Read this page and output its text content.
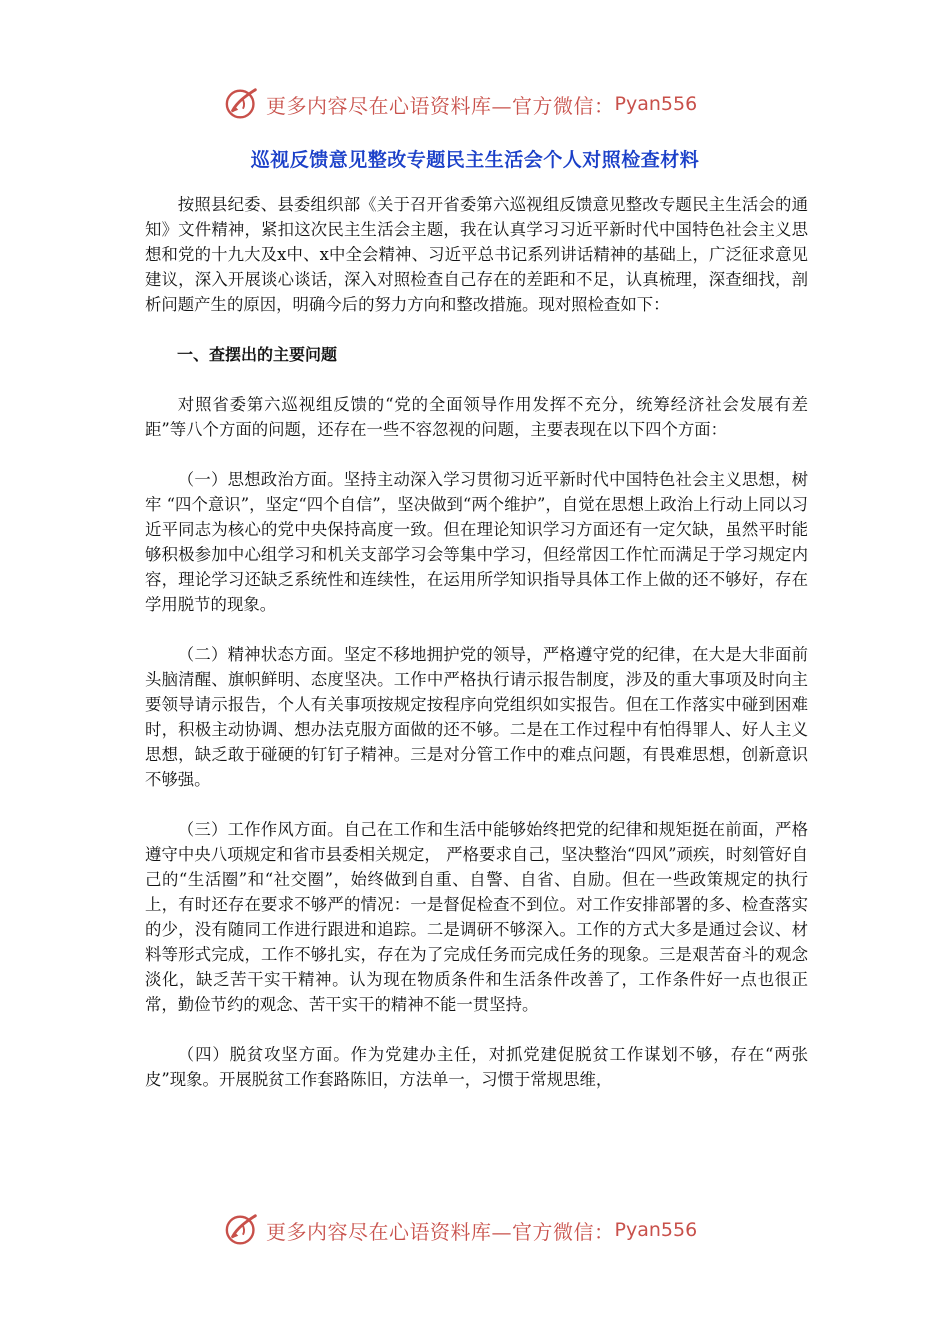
更多内容尽在心语资料库—官方微信： Pyan556
巡视反馈意见整改专题民主生活会个人对照检查材料

按照县纪委、县委组织部《关于召开省委第六巡视组反馈意见整改专题民主生活会的通知》文件精神，紧扣这次民主生活会主题，我在认真学习习近平新时代中国特色社会主义思想和党的十九大及x中、x中全会精神、习近平总书记系列讲话精神的基础上，广泛征求意见建议，深入开展谈心谈话，深入对照检查自己存在的差距和不足，认真梳理，深查细找，剖析问题产生的原因，明确今后的努力方向和整改措施。现对照检查如下：

一、查摆出的主要问题

对照省委第六巡视组反馈的“党的全面领导作用发挥不充分，统筹经济社会发展有差距”等八个方面的问题，还存在一些不容忽视的问题，主要表现在以下四个方面：

（一）思想政治方面。坚持主动深入学习贯彻习近平新时代中国特色社会主义思想，树牢 “四个意识”，坚定“四个自信”，坚决做到“两个维护”，自觉在思想上政治上行动上同以习近平同志为核心的党中央保持高度一致。但在理论知识学习方面还有一定欠缺，虽然平时能够积极参加中心组学习和机关支部学习会等集中学习，但经常因工作忙而满足于学习规定内容，理论学习还缺乏系统性和连续性，在运用所学知识指导具体工作上做的还不够好，存在学用脱节的现象。

（二）精神状态方面。坚定不移地拥护党的领导，严格遵守党的纪律，在大是大非面前头脑清醒、旗帜鲜明、态度坚决。工作中严格执行请示报告制度，涉及的重大事项及时向主要领导请示报告，个人有关事项按规定按程序向党组织如实报告。但在工作落实中碰到困难时，积极主动协调、想办法克服方面做的还不够。二是在工作过程中有怕得罪人、好人主义思想，缺乏敢于碰硬的钉钉子精神。三是对分管工作中的难点问题，有畏难思想，创新意识不够强。

（三）工作作风方面。自己在工作和生活中能够始终把党的纪律和规矩挺在前面，严格遵守中央八项规定和省市县委相关规定， 严格要求自己，坚决整治“四风”顽疾，时刻管好自己的“生活圈”和“社交圈”，始终做到自重、自警、自省、自励。但在一些政策规定的执行上，有时还存在要求不够严的情况：一是督促检查不到位。对工作安排部署的多、检查落实的少，没有随同工作进行跟进和追踪。二是调研不够深入。工作的方式大多是通过会议、材料等形式完成，工作不够扎实，存在为了完成任务而完成任务的现象。三是艰苦奋斗的观念淡化，缺乏苦干实干精神。认为现在物质条件和生活条件改善了，工作条件好一点也很正常，勤俭节约的观念、苦干实干的精神不能一贯坚持。

（四）脱贫攻坚方面。作为党建办主任，对抓党建促脱贫工作谋划不够，存在“两张皮”现象。开展脱贫工作套路陈旧，方法单一，习惯于常规思维，

更多内容尽在心语资料库—官方微信： Pyan556
